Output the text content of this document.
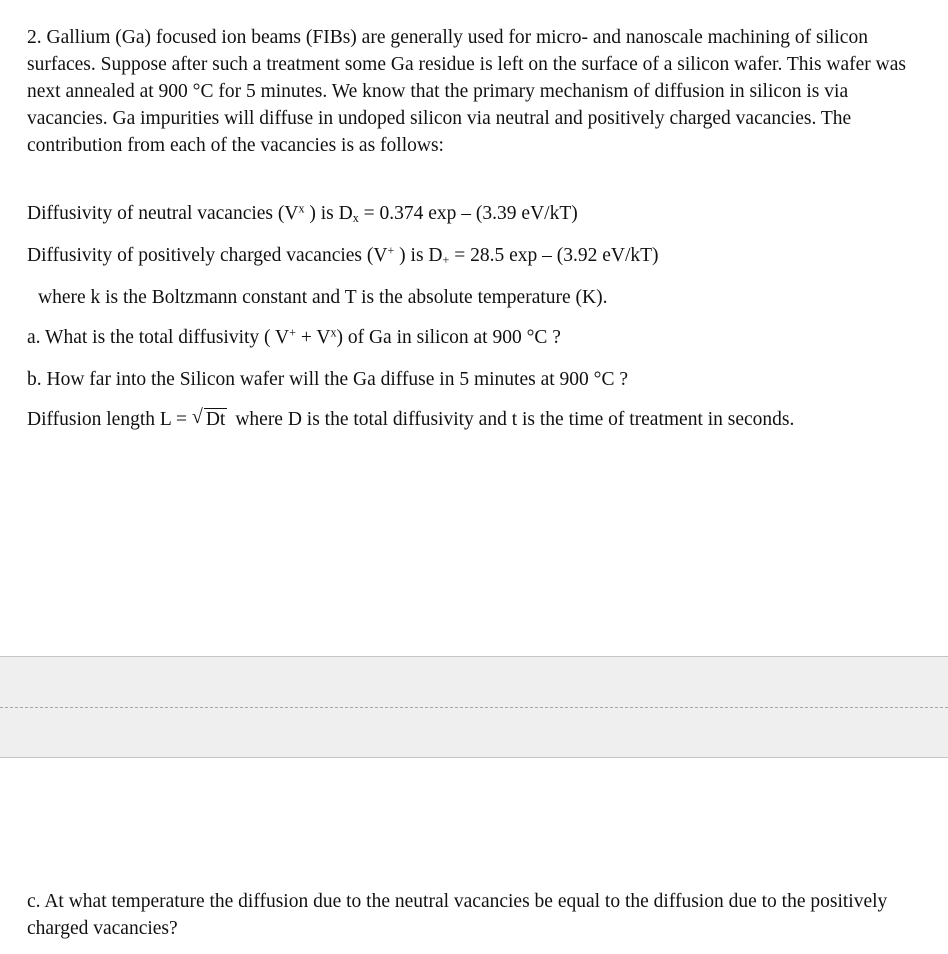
2. Gallium (Ga) focused ion beams (FIBs) are generally used for micro- and nanoscale machining of silicon surfaces. Suppose after such a treatment some Ga residue is left on the surface of a silicon wafer. This wafer was next annealed at 900 °C for 5 minutes. We know that the primary mechanism of diffusion in silicon is via vacancies. Ga impurities will diffuse in undoped silicon via neutral and positively charged vacancies. The contribution from each of the vacancies is as follows:
Diffusivity of neutral vacancies ($V^x$ ) is $D_x = 0.374$ exp – (3.39 eV/kT)
Diffusivity of positively charged vacancies (V+ ) is $D_+ = 28.5$ exp – (3.92 eV/kT)
where k is the Boltzmann constant and T is the absolute temperature (K).
a. What is the total diffusivity ( $V^+ + V^x$) of Ga in silicon at 900 °C ?
b. How far into the Silicon wafer will the Ga diffuse in 5 minutes at 900 °C ?
Diffusion length L = √ Dt where D is the total diffusivity and t is the time of treatment in seconds.
c. At what temperature the diffusion due to the neutral vacancies be equal to the diffusion due to the positively charged vacancies?
